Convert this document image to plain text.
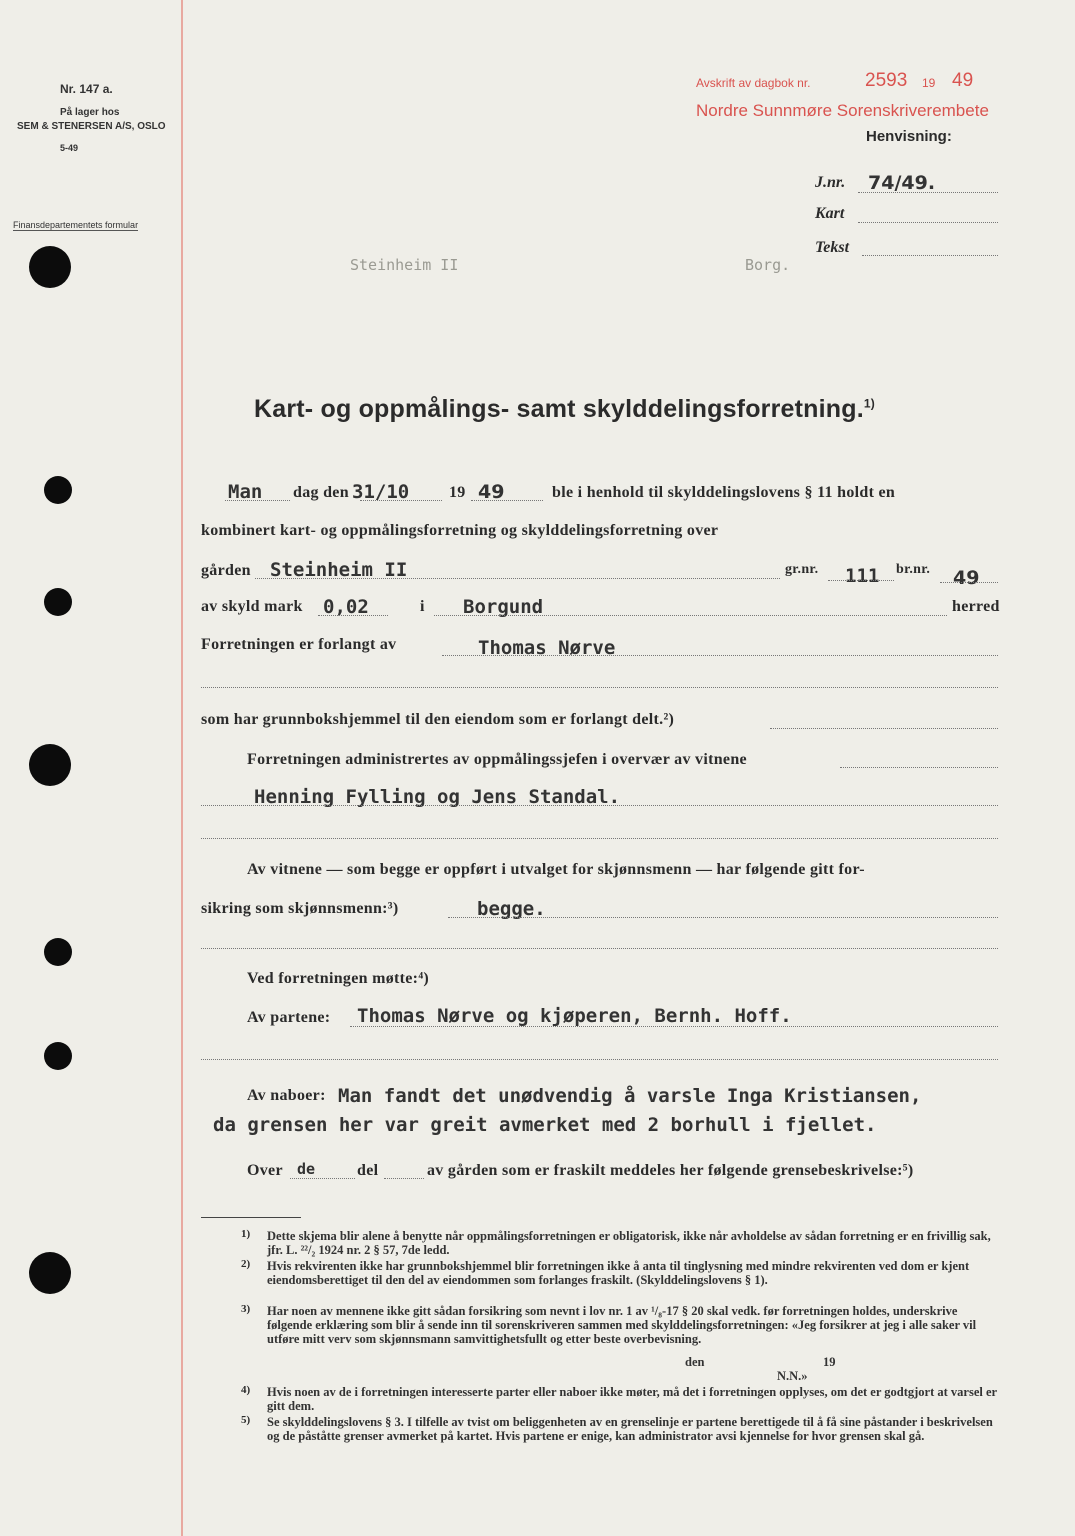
Nr. 147 a.
På lager hos
SEM & STENERSEN A/S, OSLO
5-49
Finansdepartementets formular
Avskrift av dagbok nr.	2593 19 49
Nordre Sunnmøre Sorenskriverembete
Henvisning:
J.nr. 74/49.
Kart
Tekst
Steinheim II	Borg.
Kart- og oppmålings- samt skylddelingsforretning.$^{1)}$
Man dag den 31/10 19 49	ble i henhold til skylddelingslovens § 11 holdt en
kombinert kart- og oppmålingsforretning og skylddelingsforretning over
gården Steinheim II	gr.nr. 111 br.nr. 49
av skyld mark 0,02	i Borgund	herred
Forretningen er forlangt av	Thomas Nørve
som har grunnbokshjemmel til den eiendom som er forlangt delt.²)
Forretningen administrertes av oppmålingssjefen i overvær av vitnene
Henning Fylling og Jens Standal.
Av vitnene — som begge er oppført i utvalget for skjønnsmenn — har følgende gitt for-
sikring som skjønnsmenn:³)	begge.
Ved forretningen møtte:⁴)
Av partene: Thomas Nørve og kjøperen, Bernh. Hoff.
Av naboer: Man fandt det unødvendig å varsle Inga Kristiansen,
da grensen her var greit avmerket med 2 borhull i fjellet.
Over de	del	av gården som er fraskilt meddeles her følgende grensebeskrivelse:⁵)
1) Dette skjema blir alene å benytte når oppmålingsforretningen er obligatorisk, ikke når avholdelse av sådan forretning er en frivillig sak, jfr. L. ²²/₂ 1924 nr. 2 § 57, 7de ledd.
2) Hvis rekvirenten ikke har grunnbokshjemmel blir forretningen ikke å anta til tinglysning med mindre rekvirenten ved dom er kjent eiendomsberettiget til den del av eiendommen som forlanges fraskilt. (Skylddelingslovens § 1).
3) Har noen av mennene ikke gitt sådan forsikring som nevnt i lov nr. 1 av ¹/₈-17 § 20 skal vedk. før forretningen holdes, underskrive følgende erklæring som blir å sende inn til sorenskriveren sammen med skylddelingsforretningen: «Jeg forsikrer at jeg i alle saker vil utføre mitt verv som skjønnsmann samvittighetsfullt og etter beste overbevisning.
den	19
N.N.»
4) Hvis noen av de i forretningen interesserte parter eller naboer ikke møter, må det i forretningen opplyses, om det er godtgjort at varsel er gitt dem.
5) Se skylddelingslovens § 3. I tilfelle av tvist om beliggenheten av en grenselinje er partene berettigede til å få sine påstander i beskrivelsen og de påståtte grenser avmerket på kartet. Hvis partene er enige, kan administrator avsi kjennelse for hvor grensen skal gå.
